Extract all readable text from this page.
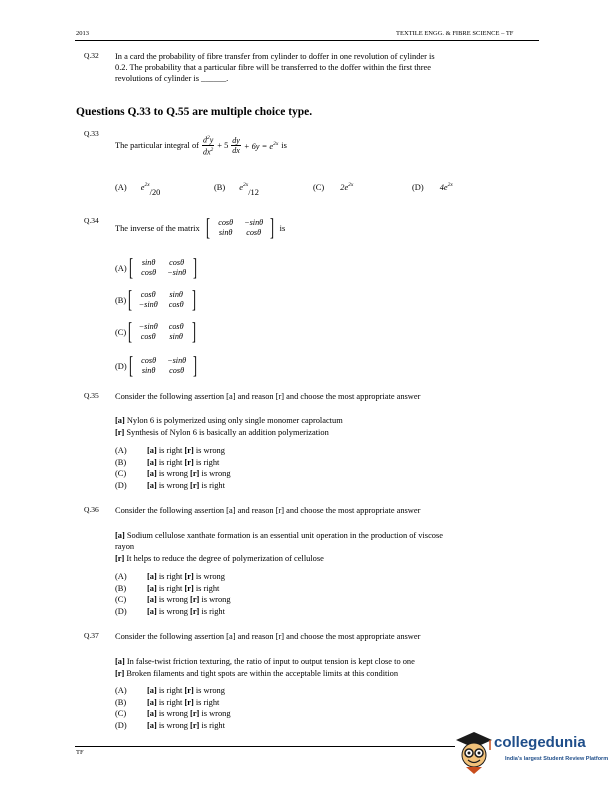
2013	TEXTILE ENGG. & FIBRE SCIENCE – TF
Q.32 In a card the probability of fibre transfer from cylinder to doffer in one revolution of cylinder is
0.2. The probability that a particular fibre will be transferred to the doffer within the first three
revolutions of cylinder is ______.
Questions Q.33 to Q.55 are multiple choice type.
Q.33
The particular integral of $\frac{d^2y}{dx^2} + 5 \frac{dy}{dx} + 6y = e^{2x}$ is
(A) $e^{2x}/20$
(B) $e^{2x}/12$
(C) $2e^{2x}$	(D) $4e^{2x}$
Q.34
The inverse of the matrix [	cosθ −sinθ
sinθ cosθ ] is
(A) [	sinθ cosθ
cosθ −sinθ ]
(B) [	cosθ sinθ
−sinθ cosθ ]
(C) [ −sinθ cosθ
cosθ sinθ ]
(D) [	cosθ −sinθ
sinθ cosθ ]
Q.35 Consider the following assertion [a] and reason [r] and choose the most appropriate answer
[a] Nylon 6 is polymerized using only single monomer caprolactum
[r] Synthesis of Nylon 6 is basically an addition polymerization
(A)	[a] is right [r] is wrong
(B)	[a] is right [r] is right
(C)	[a] is wrong [r] is wrong
(D)	[a] is wrong [r] is right
Q.36 Consider the following assertion [a] and reason [r] and choose the most appropriate answer
[a] Sodium cellulose xanthate formation is an essential unit operation in the production of viscose
rayon
[r] It helps to reduce the degree of polymerization of cellulose
(A)	[a] is right [r] is wrong
(B)	[a] is right [r] is right
(C)	[a] is wrong [r] is wrong
(D)	[a] is wrong [r] is right
Q.37 Consider the following assertion [a] and reason [r] and choose the most appropriate answer
[a] In false-twist friction texturing, the ratio of input to output tension is kept close to one
[r] Broken filaments and tight spots are within the acceptable limits at this condition
(A)	[a] is right [r] is wrong
(B)	[a] is right [r] is right
(C)	[a] is wrong [r] is wrong
(D)	[a] is wrong [r] is right
TF
collegedunia
India's largest Student Review Platform
